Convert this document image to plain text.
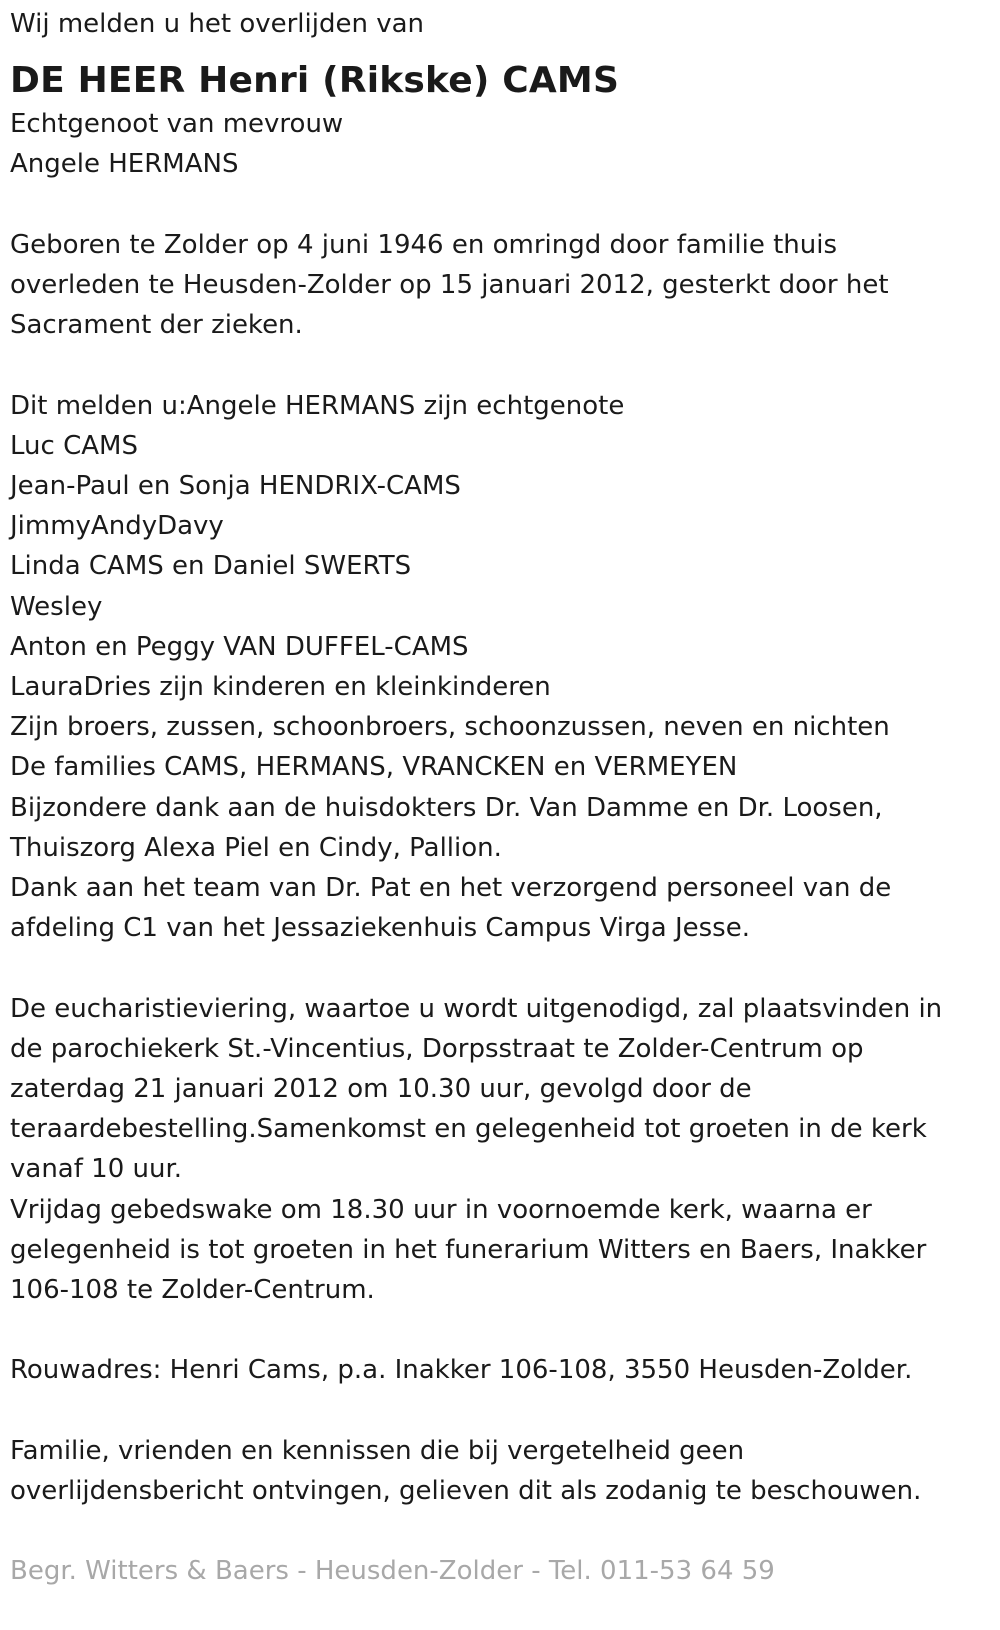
Wij melden u het overlijden van
DE HEER Henri (Rikske) CAMS
Echtgenoot van mevrouw
Angele HERMANS
Geboren te Zolder op 4 juni 1946 en omringd door familie thuis
overleden te Heusden-Zolder op 15 januari 2012, gesterkt door het
Sacrament der zieken.
Dit melden u:Angele HERMANS zijn echtgenote
Luc CAMS
Jean-Paul en Sonja HENDRIX-CAMS
JimmyAndyDavy
Linda CAMS en Daniel SWERTS
Wesley
Anton en Peggy VAN DUFFEL-CAMS
LauraDries zijn kinderen en kleinkinderen
Zijn broers, zussen, schoonbroers, schoonzussen, neven en nichten
De families CAMS, HERMANS, VRANCKEN en VERMEYEN
Bijzondere dank aan de huisdokters Dr. Van Damme en Dr. Loosen,
Thuiszorg Alexa Piel en Cindy, Pallion.
Dank aan het team van Dr. Pat en het verzorgend personeel van de
afdeling C1 van het Jessaziekenhuis Campus Virga Jesse.
De eucharistieviering, waartoe u wordt uitgenodigd, zal plaatsvinden in
de parochiekerk St.-Vincentius, Dorpsstraat te Zolder-Centrum op
zaterdag 21 januari 2012 om 10.30 uur, gevolgd door de
teraardebestelling.Samenkomst en gelegenheid tot groeten in de kerk
vanaf 10 uur.
Vrijdag gebedswake om 18.30 uur in voornoemde kerk, waarna er
gelegenheid is tot groeten in het funerarium Witters en Baers, Inakker
106-108 te Zolder-Centrum.
Rouwadres: Henri Cams, p.a. Inakker 106-108, 3550 Heusden-Zolder.
Familie, vrienden en kennissen die bij vergetelheid geen
overlijdensbericht ontvingen, gelieven dit als zodanig te beschouwen.
Begr. Witters & Baers - Heusden-Zolder - Tel. 011-53 64 59
